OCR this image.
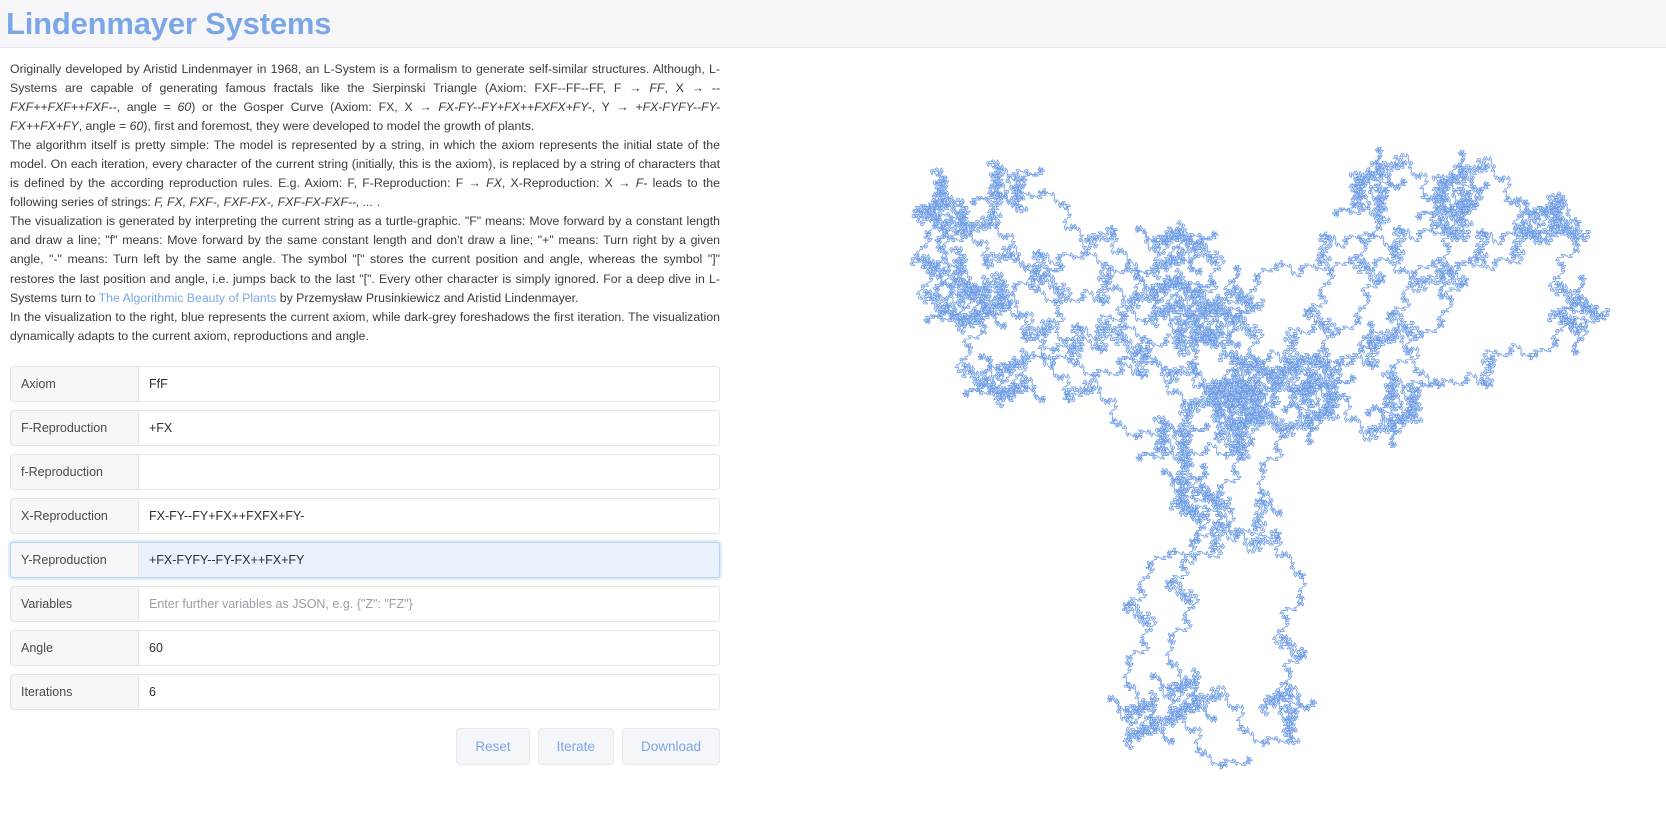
Lindenmayer Systems

Originally developed by Aristid Lindenmayer in 1968, an L-System is a formalism to generate self-similar structures. Although, L-Systems are capable of generating famous fractals like the Sierpinski Triangle (Axiom: FXF--FF--FF, F → FF, X → --FXF++FXF++FXF--, angle = 60) or the Gosper Curve (Axiom: FX, X → FX-FY--FY+FX++FXFX+FY-, Y → +FX-FYFY--FY-FX++FX+FY, angle = 60), first and foremost, they were developed to model the growth of plants.

The algorithm itself is pretty simple: The model is represented by a string, in which the axiom represents the initial state of the model. On each iteration, every character of the current string (initially, this is the axiom), is replaced by a string of characters that is defined by the according reproduction rules. E.g. Axiom: F, F-Reproduction: F → FX, X-Reproduction: X → F- leads to the following series of strings: F, FX, FXF-, FXF-FX-, FXF-FX-FXF--, ... .

The visualization is generated by interpreting the current string as a turtle-graphic. "F" means: Move forward by a constant length and draw a line; "f" means: Move forward by the same constant length and don't draw a line; "+" means: Turn right by a given angle, "-" means: Turn left by the same angle. The symbol "[" stores the current position and angle, whereas the symbol "]" restores the last position and angle, i.e. jumps back to the last "[". Every other character is simply ignored. For a deep dive in L-Systems turn to The Algorithmic Beauty of Plants by Przemysław Prusinkiewicz and Aristid Lindenmayer.

In the visualization to the right, blue represents the current axiom, while dark-grey foreshadows the first iteration. The visualization dynamically adapts to the current axiom, reproductions and angle.

Axiom	FfF
F-Reproduction	+FX
f-Reproduction
X-Reproduction	FX-FY--FY+FX++FXFX+FY-
Y-Reproduction	+FX-FYFY--FY-FX++FX+FY
Variables	Enter further variables as JSON, e.g. {"Z": "FZ"}
Angle	60
Iterations	6
Reset	Iterate	Download
